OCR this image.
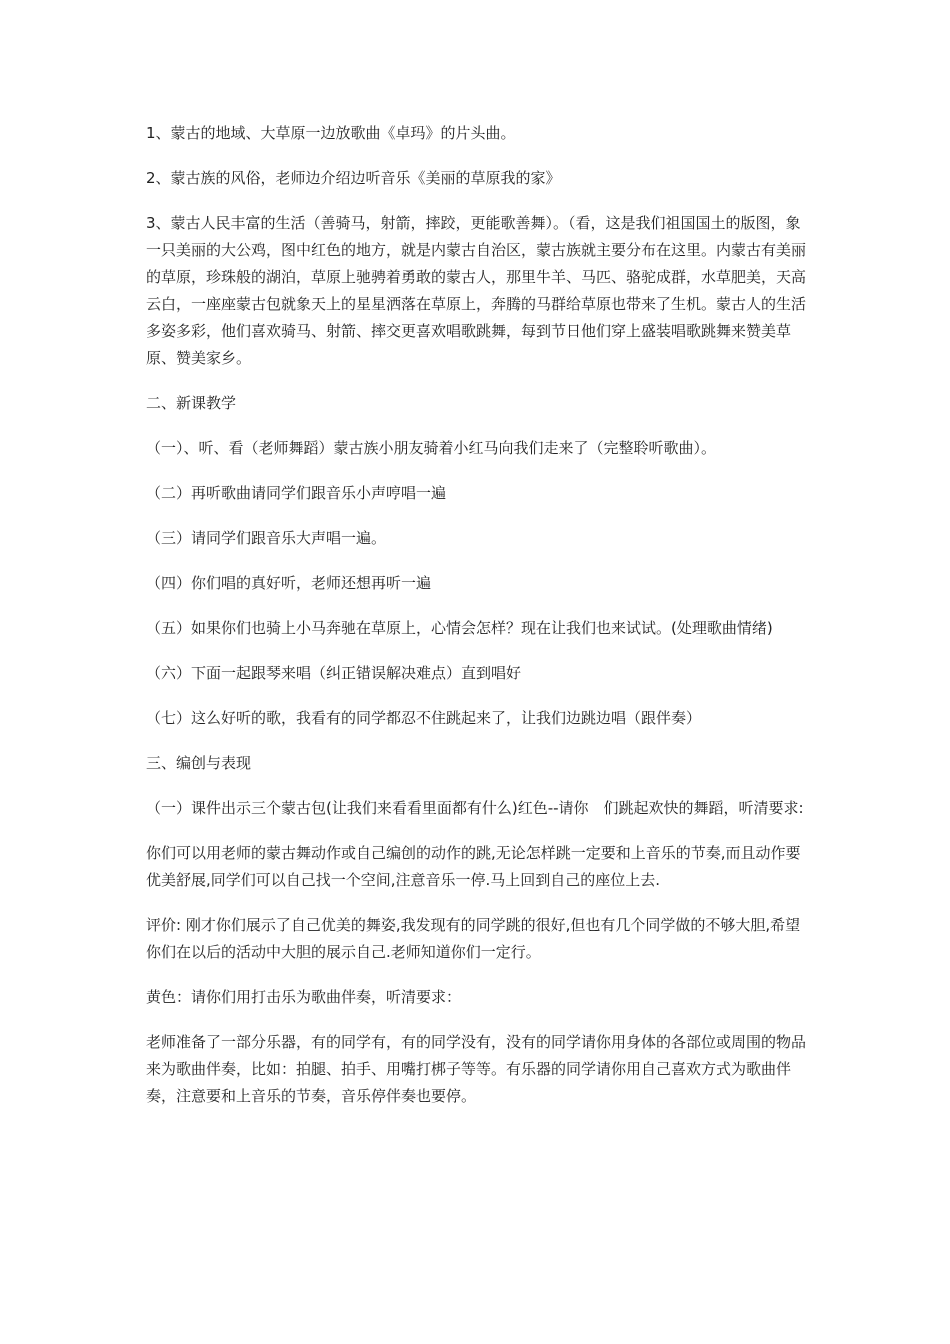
1、蒙古的地域、大草原一边放歌曲《卓玛》的片头曲。

2、蒙古族的风俗，老师边介绍边听音乐《美丽的草原我的家》

3、蒙古人民丰富的生活（善骑马，射箭，摔跤，更能歌善舞）。（看，这是我们祖国国土的版图，象一只美丽的大公鸡，图中红色的地方，就是内蒙古自治区，蒙古族就主要分布在这里。内蒙古有美丽的草原，珍珠般的湖泊，草原上驰骋着勇敢的蒙古人，那里牛羊、马匹、骆驼成群，水草肥美，天高云白，一座座蒙古包就象天上的星星洒落在草原上，奔腾的马群给草原也带来了生机。蒙古人的生活多姿多彩，他们喜欢骑马、射箭、摔交更喜欢唱歌跳舞，每到节日他们穿上盛装唱歌跳舞来赞美草原、赞美家乡。

二、新课教学

（一）、听、看（老师舞蹈）蒙古族小朋友骑着小红马向我们走来了（完整聆听歌曲）。

（二）再听歌曲请同学们跟音乐小声哼唱一遍

（三）请同学们跟音乐大声唱一遍。

（四）你们唱的真好听，老师还想再听一遍

（五）如果你们也骑上小马奔驰在草原上，心情会怎样？现在让我们也来试试。(处理歌曲情绪)

（六）下面一起跟琴来唱（纠正错误解决难点）直到唱好

（七）这么好听的歌，我看有的同学都忍不住跳起来了，让我们边跳边唱（跟伴奏）

三、编创与表现

（一）课件出示三个蒙古包(让我们来看看里面都有什么)红色--请你　们跳起欢快的舞蹈，听清要求:

你们可以用老师的蒙古舞动作或自己编创的动作的跳,无论怎样跳一定要和上音乐的节奏,而且动作要优美舒展,同学们可以自己找一个空间,注意音乐一停.马上回到自己的座位上去.

评价: 刚才你们展示了自己优美的舞姿,我发现有的同学跳的很好,但也有几个同学做的不够大胆,希望你们在以后的活动中大胆的展示自己.老师知道你们一定行。

黄色：请你们用打击乐为歌曲伴奏，听清要求：

老师准备了一部分乐器，有的同学有，有的同学没有，没有的同学请你用身体的各部位或周围的物品来为歌曲伴奏，比如：拍腿、拍手、用嘴打梆子等等。有乐器的同学请你用自己喜欢方式为歌曲伴奏，注意要和上音乐的节奏，音乐停伴奏也要停。
